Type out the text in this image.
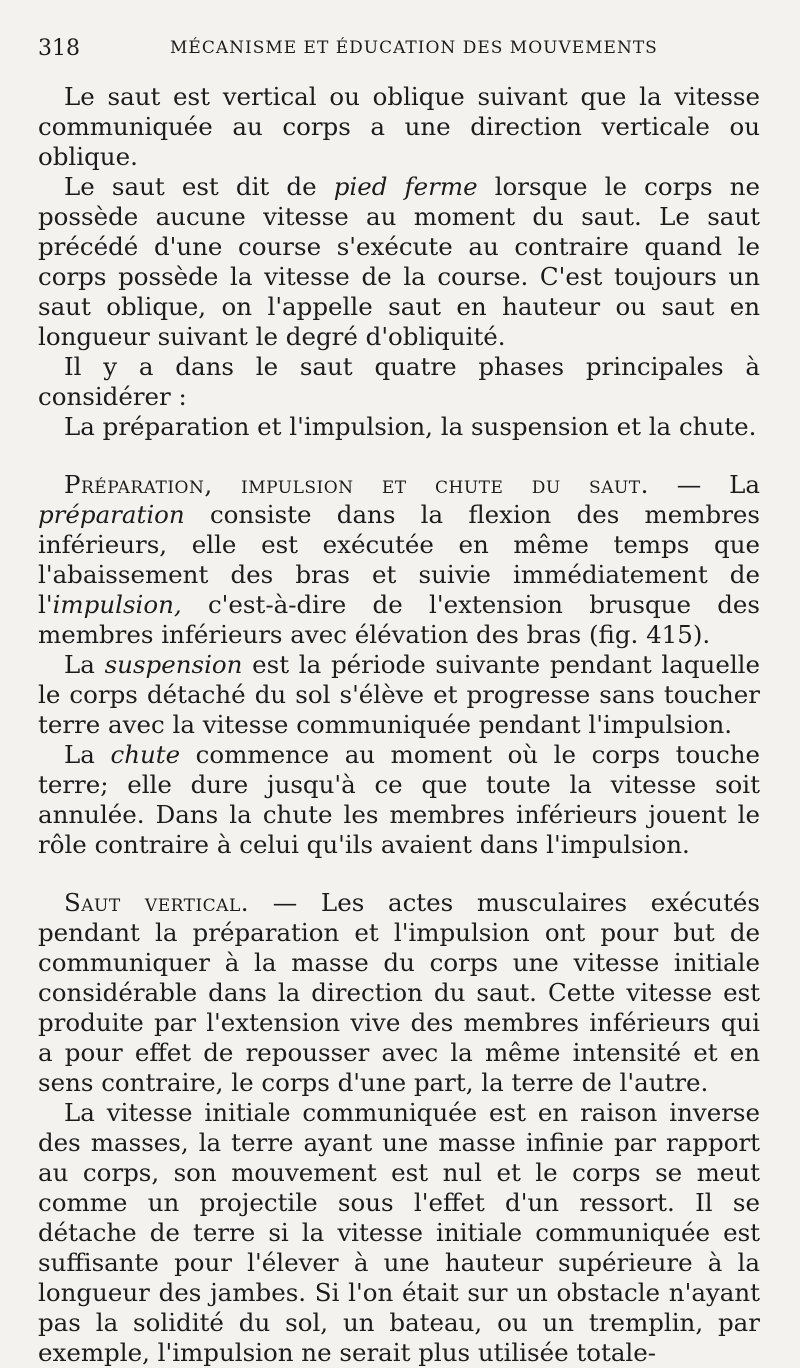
318	MÉCANISME ET ÉDUCATION DES MOUVEMENTS

Le saut est vertical ou oblique suivant que la vitesse communiquée au corps a une direction verticale ou oblique.

Le saut est dit de pied ferme lorsque le corps ne possède aucune vitesse au moment du saut. Le saut précédé d'une course s'exécute au contraire quand le corps possède la vitesse de la course. C'est toujours un saut oblique, on l'appelle saut en hauteur ou saut en longueur suivant le degré d'obliquité.

Il y a dans le saut quatre phases principales à considérer :

La préparation et l'impulsion, la suspension et la chute.

Préparation, impulsion et chute du saut. — La préparation consiste dans la flexion des membres inférieurs, elle est exécutée en même temps que l'abaissement des bras et suivie immédiatement de l'impulsion, c'est-à-dire de l'extension brusque des membres inférieurs avec élévation des bras (fig. 415).

La suspension est la période suivante pendant laquelle le corps détaché du sol s'élève et progresse sans toucher terre avec la vitesse communiquée pendant l'impulsion.

La chute commence au moment où le corps touche terre; elle dure jusqu'à ce que toute la vitesse soit annulée. Dans la chute les membres inférieurs jouent le rôle contraire à celui qu'ils avaient dans l'impulsion.

Saut vertical. — Les actes musculaires exécutés pendant la préparation et l'impulsion ont pour but de communiquer à la masse du corps une vitesse initiale considérable dans la direction du saut. Cette vitesse est produite par l'extension vive des membres inférieurs qui a pour effet de repousser avec la même intensité et en sens contraire, le corps d'une part, la terre de l'autre.

La vitesse initiale communiquée est en raison inverse des masses, la terre ayant une masse infinie par rapport au corps, son mouvement est nul et le corps se meut comme un projectile sous l'effet d'un ressort. Il se détache de terre si la vitesse initiale communiquée est suffisante pour l'élever à une hauteur supérieure à la longueur des jambes. Si l'on était sur un obstacle n'ayant pas la solidité du sol, un bateau, ou un tremplin, par exemple, l'impulsion ne serait plus utilisée totale-
